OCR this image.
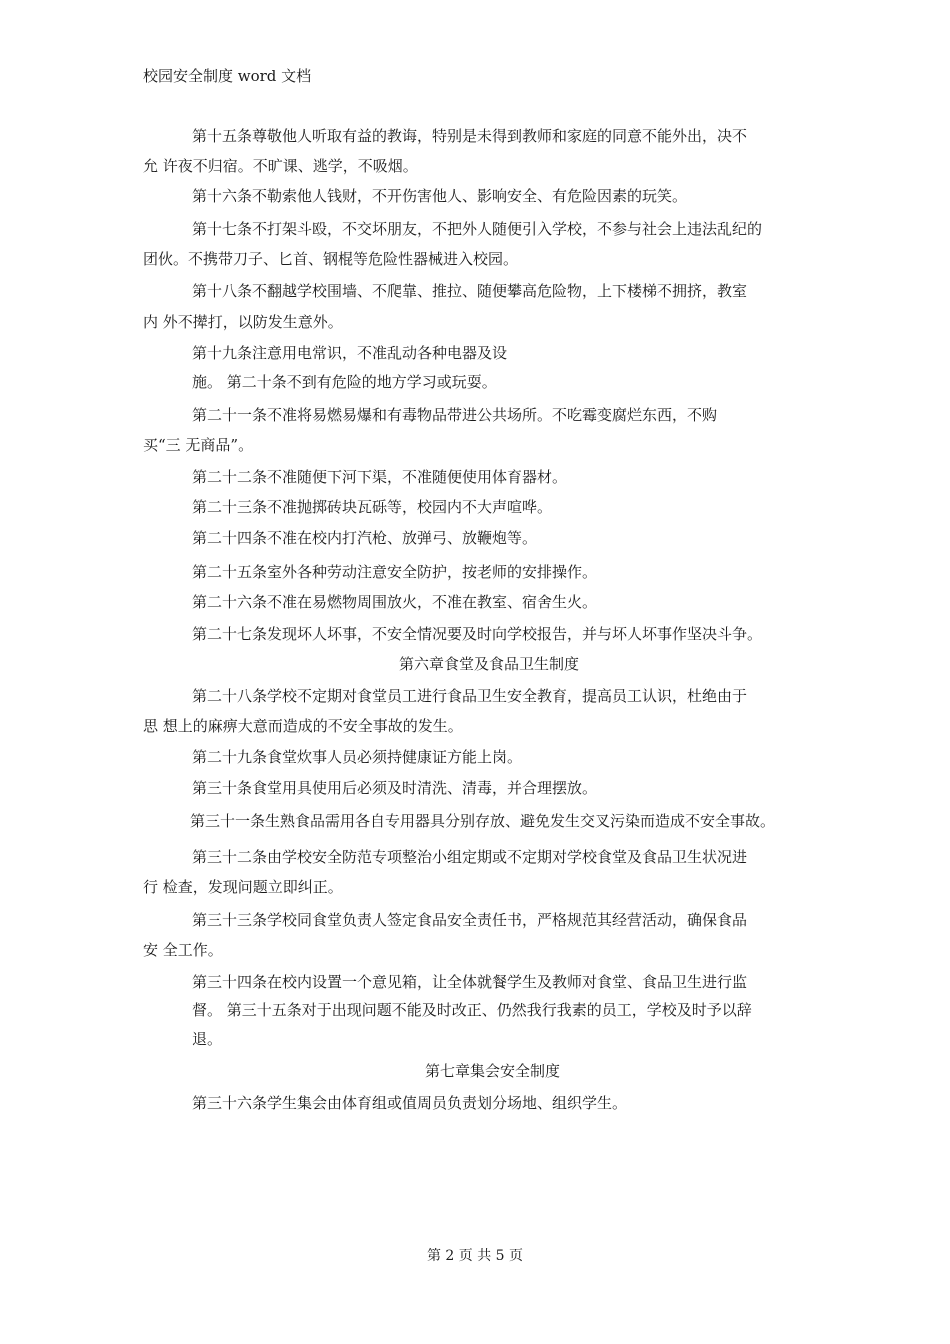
校园安全制度 word 文档
第十五条尊敬他人听取有益的教诲，特别是未得到教师和家庭的同意不能外出，决不
允 许夜不归宿。不旷课、逃学，不吸烟。
第十六条不勒索他人钱财，不开伤害他人、影响安全、有危险因素的玩笑。
第十七条不打架斗殴，不交坏朋友，不把外人随便引入学校，不参与社会上违法乱纪的
团伙。不携带刀子、匕首、钢棍等危险性器械进入校园。
第十八条不翻越学校围墙、不爬靠、推拉、随便攀高危险物，上下楼梯不拥挤，教室
内 外不撵打，以防发生意外。
第十九条注意用电常识，不准乱动各种电器及设
施。 第二十条不到有危险的地方学习或玩耍。
第二十一条不准将易燃易爆和有毒物品带进公共场所。不吃霉变腐烂东西，不购
买“三 无商品”。
第二十二条不准随便下河下渠，不准随便使用体育器材。
第二十三条不准抛掷砖块瓦砾等，校园内不大声喧哗。
第二十四条不准在校内打汽枪、放弹弓、放鞭炮等。
第二十五条室外各种劳动注意安全防护，按老师的安排操作。
第二十六条不准在易燃物周围放火，不准在教室、宿舍生火。
第二十七条发现坏人坏事，不安全情况要及时向学校报告，并与坏人坏事作坚决斗争。
第六章食堂及食品卫生制度
第二十八条学校不定期对食堂员工进行食品卫生安全教育，提高员工认识，杜绝由于
思 想上的麻痹大意而造成的不安全事故的发生。
第二十九条食堂炊事人员必须持健康证方能上岗。
第三十条食堂用具使用后必须及时清洗、清毒，并合理摆放。
第三十一条生熟食品需用各自专用器具分别存放、避免发生交叉污染而造成不安全事故。
第三十二条由学校安全防范专项整治小组定期或不定期对学校食堂及食品卫生状况进
行 检查，发现问题立即纠正。
第三十三条学校同食堂负责人签定食品安全责任书，严格规范其经营活动，确保食品
安 全工作。
第三十四条在校内设置一个意见箱，让全体就餐学生及教师对食堂、食品卫生进行监
督。 第三十五条对于出现问题不能及时改正、仍然我行我素的员工，学校及时予以辞
退。
第七章集会安全制度
第三十六条学生集会由体育组或值周员负责划分场地、组织学生。
第 2 页 共 5 页
